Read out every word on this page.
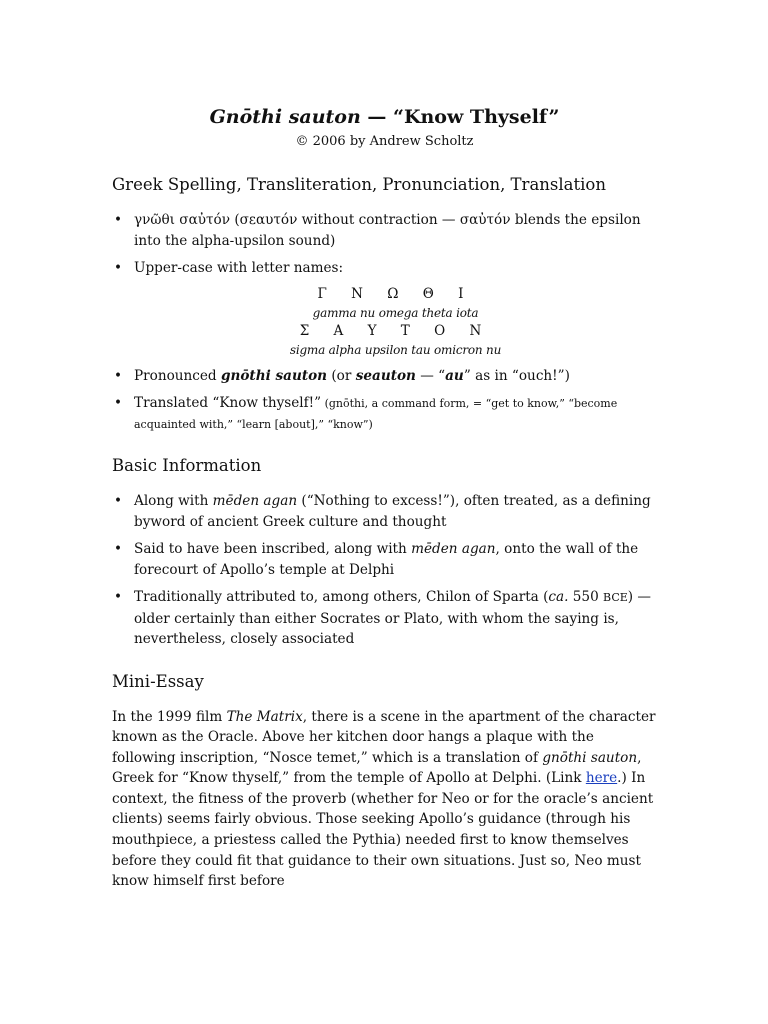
Gnōthi sauton — “Know Thyself”
© 2006 by Andrew Scholtz
Greek Spelling, Transliteration, Pronunciation, Translation
• γνῶθι σαὐτόν (σεαυτόν without contraction — σαὐτόν blends the epsilon into the alpha-upsilon sound)
• Upper-case with letter names:
Γ Ν Ω Θ Ι
gamma nu omega theta iota
Σ Α Υ Τ Ο Ν
sigma alpha upsilon tau omicron nu
• Pronounced gnōthi sauton (or seauton — “au” as in “ouch!”)
• Translated “Know thyself!” (gnōthi, a command form, = “get to know,” “become acquainted with,” “learn [about],” “know”)
Basic Information
• Along with mēden agan (“Nothing to excess!”), often treated, as a defining byword of ancient Greek culture and thought
• Said to have been inscribed, along with mēden agan, onto the wall of the forecourt of Apollo’s temple at Delphi
• Traditionally attributed to, among others, Chilon of Sparta (ca. 550 BCE) — older certainly than either Socrates or Plato, with whom the saying is, nevertheless, closely associated
Mini-Essay

In the 1999 film The Matrix, there is a scene in the apartment of the character known as the Oracle. Above her kitchen door hangs a plaque with the following inscription, “Nosce temet,” which is a translation of gnōthi sauton, Greek for “Know thyself,” from the temple of Apollo at Delphi. (Link here.) In context, the fitness of the proverb (whether for Neo or for the oracle’s ancient clients) seems fairly obvious. Those seeking Apollo’s guidance (through his mouthpiece, a priestess called the Pythia) needed first to know themselves before they could fit that guidance to their own situations. Just so, Neo must know himself first before
